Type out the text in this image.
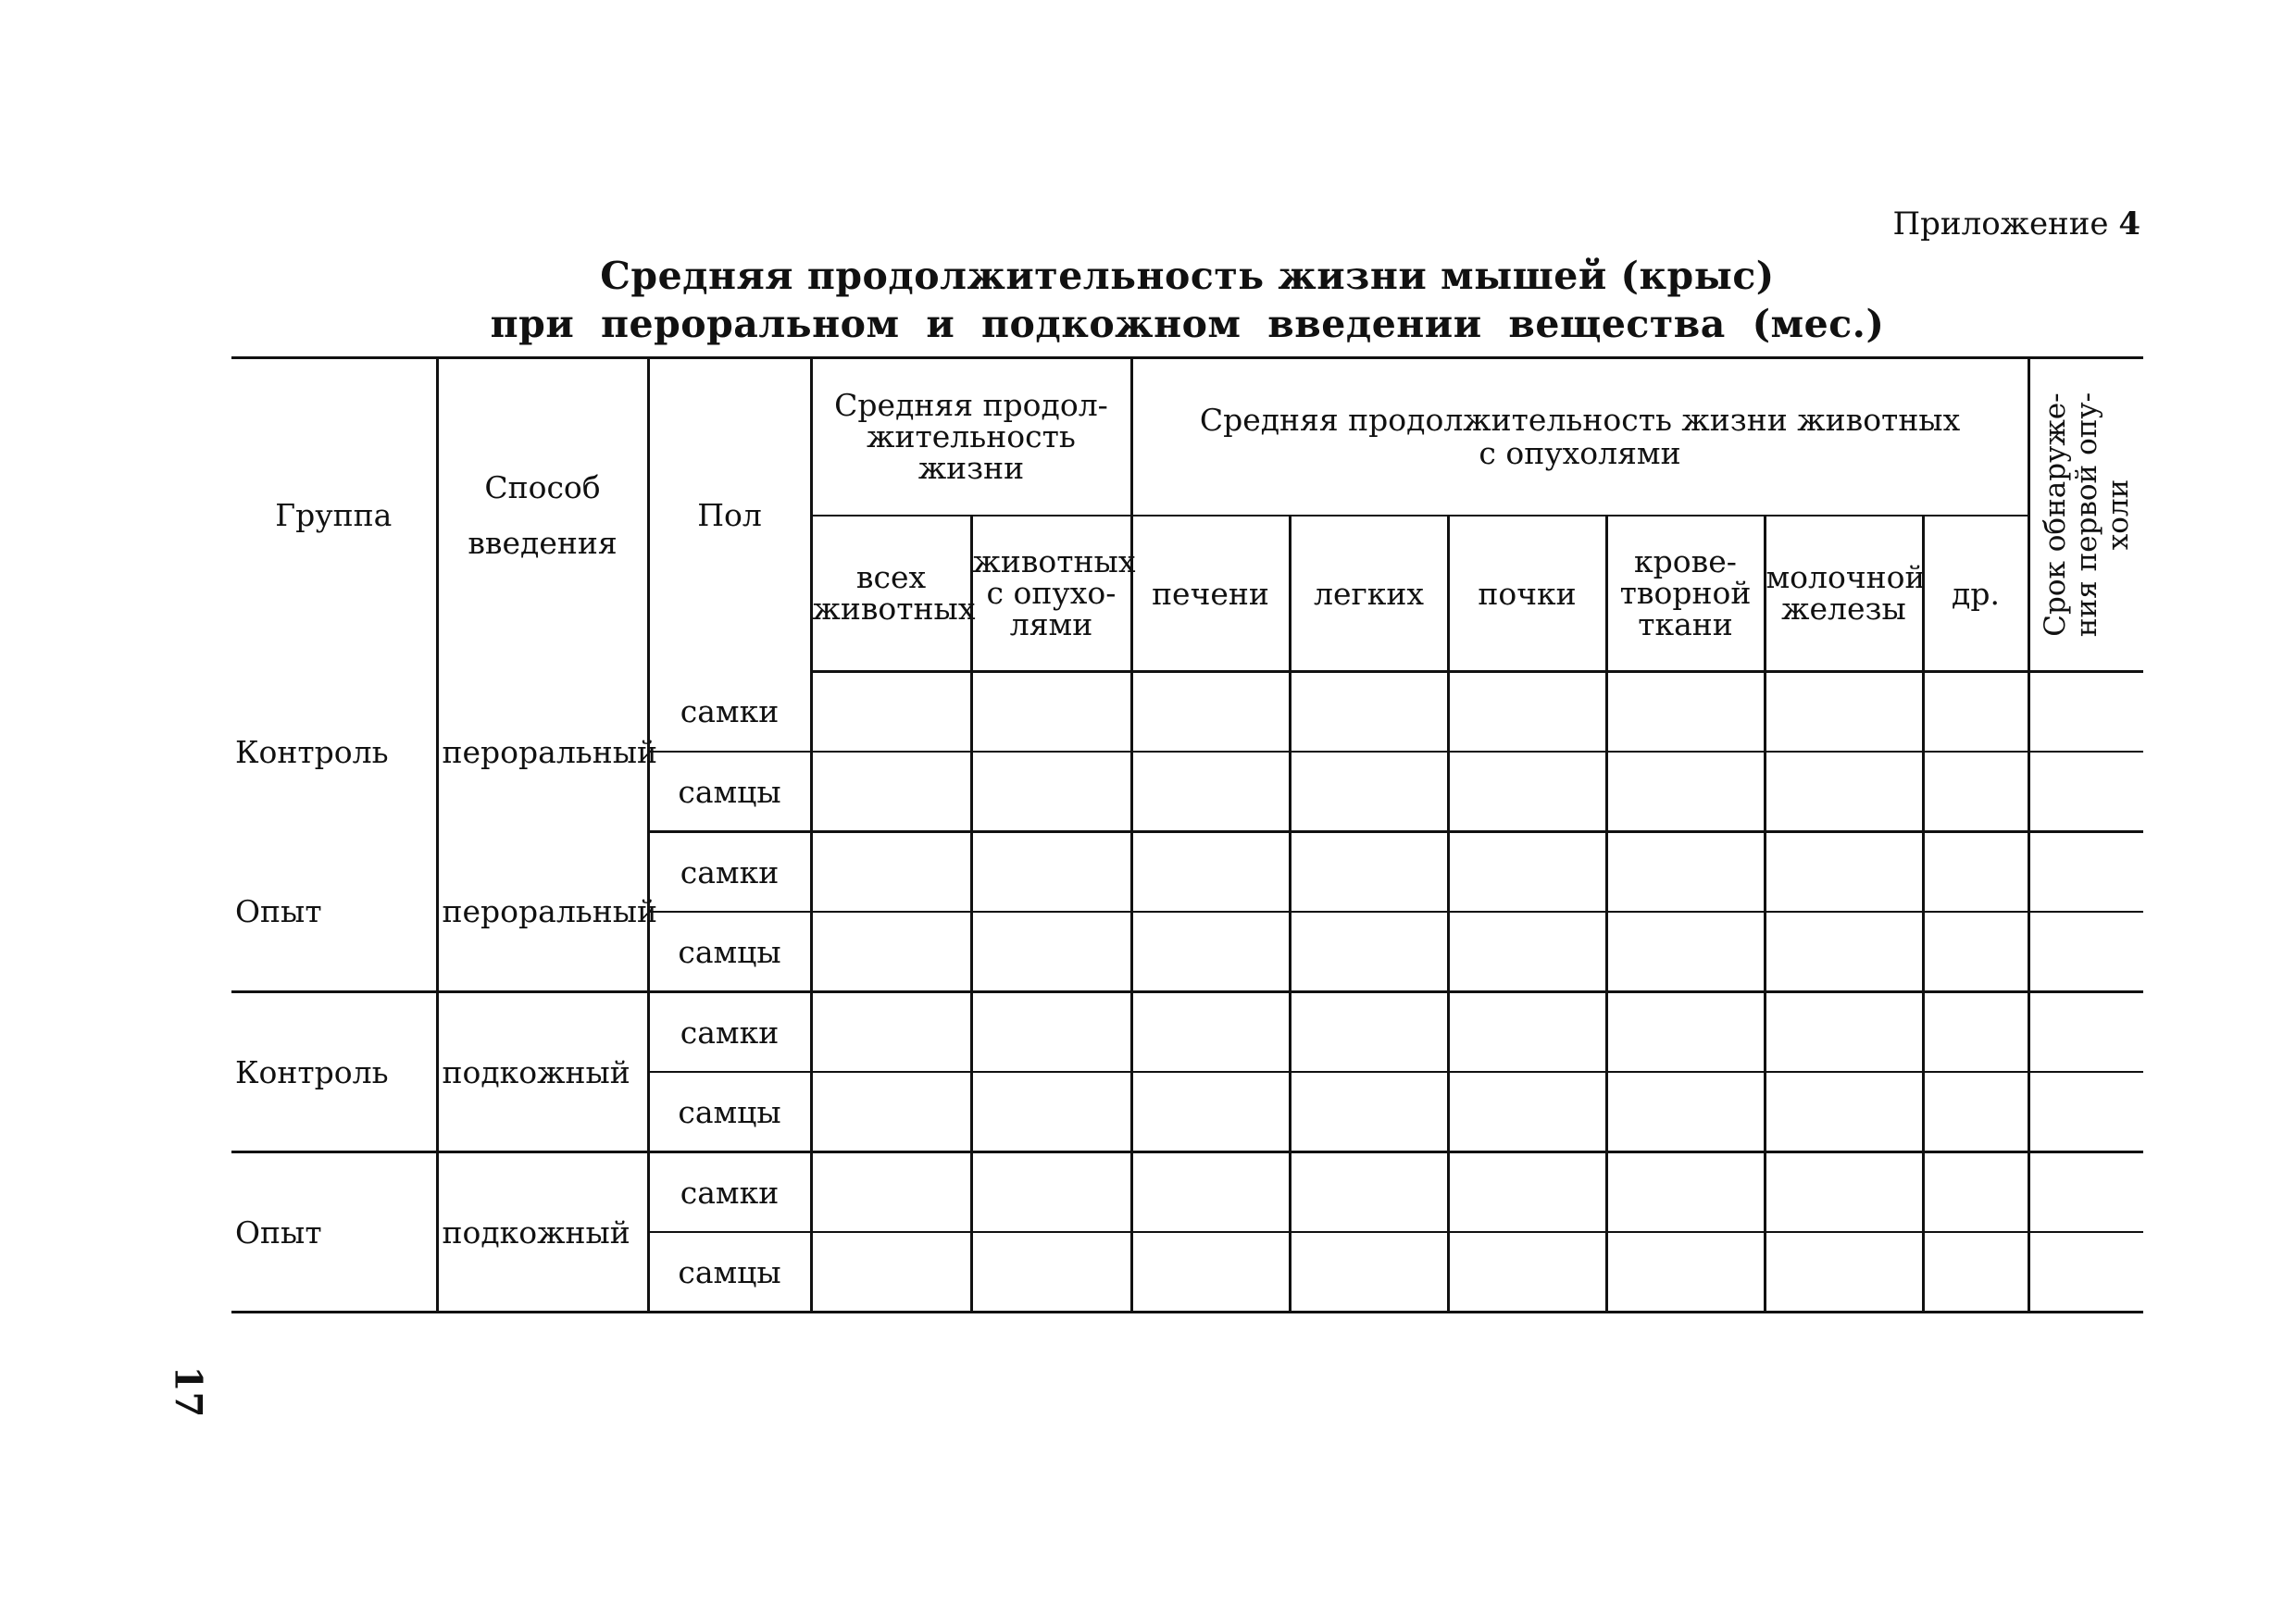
Приложение 4
Средняя продолжительность жизни мышей (крыс)
при пероральном и подкожном введении вещества (мес.)
Группа	Способ введения	Пол	Средняя продол- жительность жизни		Средняя продолжительность жизни животных с опухолями						Срок обнаруже- ния первой опу- холи

			всех животных	животных с опухо- лями	печени	легких	почки	крове- творной ткани	молочной железы	др.	
Контроль	пероральный	самки									
		самцы									
Опыт	пероральный	самки									
		самцы									
Контроль	подкожный	самки									
		самцы									
Опыт	подкожный	самки									
		самцы									
17
